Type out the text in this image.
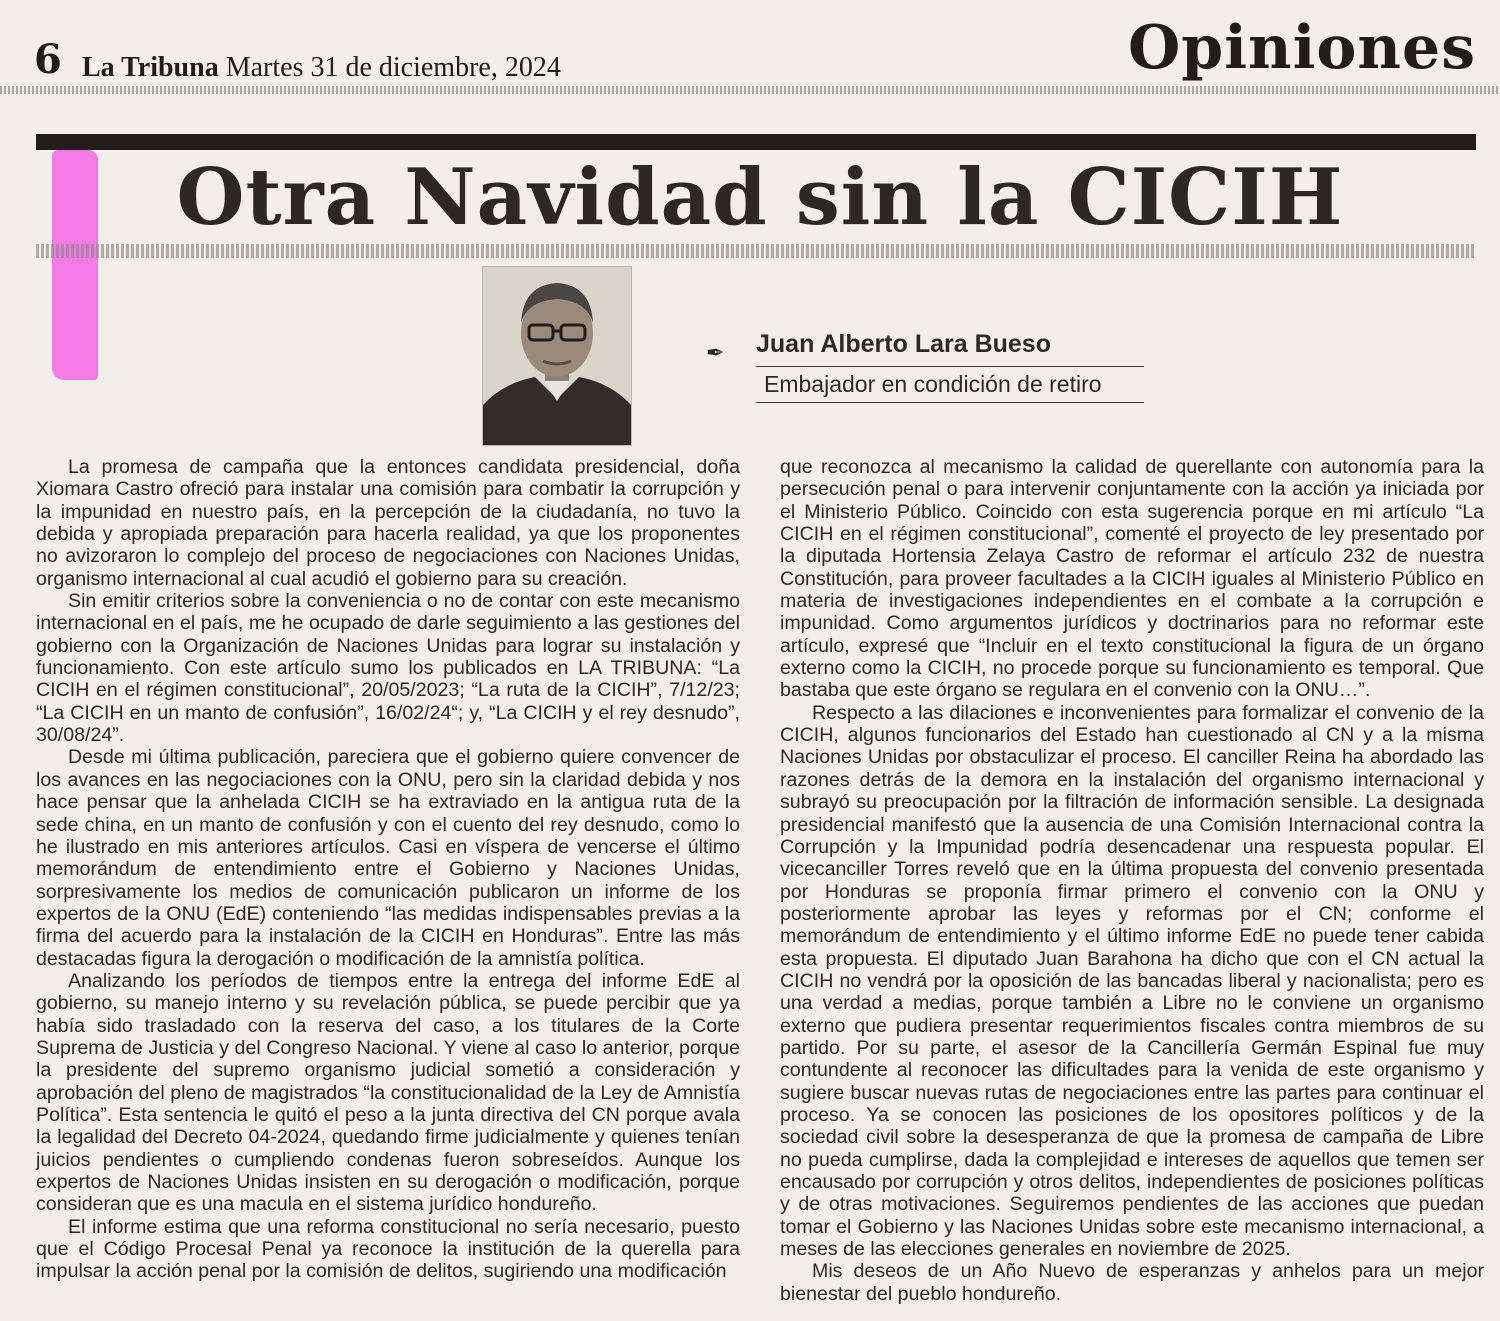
6 La Tribuna Martes 31 de diciembre, 2024	Opiniones
Otra Navidad sin la CICIH
✒ Juan Alberto Lara Bueso
Embajador en condición de retiro

La promesa de campaña que la entonces candidata presidencial, doña Xiomara Castro ofreció para instalar una comisión para combatir la corrupción y la impunidad en nuestro país, en la percepción de la ciudadanía, no tuvo la debida y apropiada preparación para hacerla realidad, ya que los proponentes no avizoraron lo complejo del proceso de negociaciones con Naciones Unidas, organismo internacional al cual acudió el gobierno para su creación.

Sin emitir criterios sobre la conveniencia o no de contar con este mecanismo internacional en el país, me he ocupado de darle seguimiento a las gestiones del gobierno con la Organización de Naciones Unidas para lograr su instalación y funcionamiento. Con este artículo sumo los publicados en LA TRIBUNA: “La CICIH en el régimen constitucional”, 20/05/2023; “La ruta de la CICIH”, 7/12/23; “La CICIH en un manto de confusión”, 16/02/24“; y, “La CICIH y el rey desnudo”, 30/08/24”.

Desde mi última publicación, pareciera que el gobierno quiere convencer de los avances en las negociaciones con la ONU, pero sin la claridad debida y nos hace pensar que la anhelada CICIH se ha extraviado en la antigua ruta de la sede china, en un manto de confusión y con el cuento del rey desnudo, como lo he ilustrado en mis anteriores artículos. Casi en víspera de vencerse el último memorándum de entendimiento entre el Gobierno y Naciones Unidas, sorpresivamente los medios de comunicación publicaron un informe de los expertos de la ONU (EdE) conteniendo “las medidas indispensables previas a la firma del acuerdo para la instalación de la CICIH en Honduras”. Entre las más destacadas figura la derogación o modificación de la amnistía política.

Analizando los períodos de tiempos entre la entrega del informe EdE al gobierno, su manejo interno y su revelación pública, se puede percibir que ya había sido trasladado con la reserva del caso, a los titulares de la Corte Suprema de Justicia y del Congreso Nacional. Y viene al caso lo anterior, porque la presidente del supremo organismo judicial sometió a consideración y aprobación del pleno de magistrados “la constitucionalidad de la Ley de Amnistía Política”. Esta sentencia le quitó el peso a la junta directiva del CN porque avala la legalidad del Decreto 04-2024, quedando firme judicialmente y quienes tenían juicios pendientes o cumpliendo condenas fueron sobreseídos. Aunque los expertos de Naciones Unidas insisten en su derogación o modificación, porque consideran que es una macula en el sistema jurídico hondureño.

El informe estima que una reforma constitucional no sería necesario, puesto que el Código Procesal Penal ya reconoce la institución de la querella para impulsar la acción penal por la comisión de delitos, sugiriendo una modificación

que reconozca al mecanismo la calidad de querellante con autonomía para la persecución penal o para intervenir conjuntamente con la acción ya iniciada por el Ministerio Público. Coincido con esta sugerencia porque en mi artículo “La CICIH en el régimen constitucional”, comenté el proyecto de ley presentado por la diputada Hortensia Zelaya Castro de reformar el artículo 232 de nuestra Constitución, para proveer facultades a la CICIH iguales al Ministerio Público en materia de investigaciones independientes en el combate a la corrupción e impunidad. Como argumentos jurídicos y doctrinarios para no reformar este artículo, expresé que “Incluir en el texto constitucional la figura de un órgano externo como la CICIH, no procede porque su funcionamiento es temporal. Que bastaba que este órgano se regulara en el convenio con la ONU…”.

Respecto a las dilaciones e inconvenientes para formalizar el convenio de la CICIH, algunos funcionarios del Estado han cuestionado al CN y a la misma Naciones Unidas por obstaculizar el proceso. El canciller Reina ha abordado las razones detrás de la demora en la instalación del organismo internacional y subrayó su preocupación por la filtración de información sensible. La designada presidencial manifestó que la ausencia de una Comisión Internacional contra la Corrupción y la Impunidad podría desencadenar una respuesta popular. El vicecanciller Torres reveló que en la última propuesta del convenio presentada por Honduras se proponía firmar primero el convenio con la ONU y posteriormente aprobar las leyes y reformas por el CN; conforme el memorándum de entendimiento y el último informe EdE no puede tener cabida esta propuesta. El diputado Juan Barahona ha dicho que con el CN actual la CICIH no vendrá por la oposición de las bancadas liberal y nacionalista; pero es una verdad a medias, porque también a Libre no le conviene un organismo externo que pudiera presentar requerimientos fiscales contra miembros de su partido. Por su parte, el asesor de la Cancillería Germán Espinal fue muy contundente al reconocer las dificultades para la venida de este organismo y sugiere buscar nuevas rutas de negociaciones entre las partes para continuar el proceso. Ya se conocen las posiciones de los opositores políticos y de la sociedad civil sobre la desesperanza de que la promesa de campaña de Libre no pueda cumplirse, dada la complejidad e intereses de aquellos que temen ser encausado por corrupción y otros delitos, independientes de posiciones políticas y de otras motivaciones. Seguiremos pendientes de las acciones que puedan tomar el Gobierno y las Naciones Unidas sobre este mecanismo internacional, a meses de las elecciones generales en noviembre de 2025.

Mis deseos de un Año Nuevo de esperanzas y anhelos para un mejor bienestar del pueblo hondureño.
